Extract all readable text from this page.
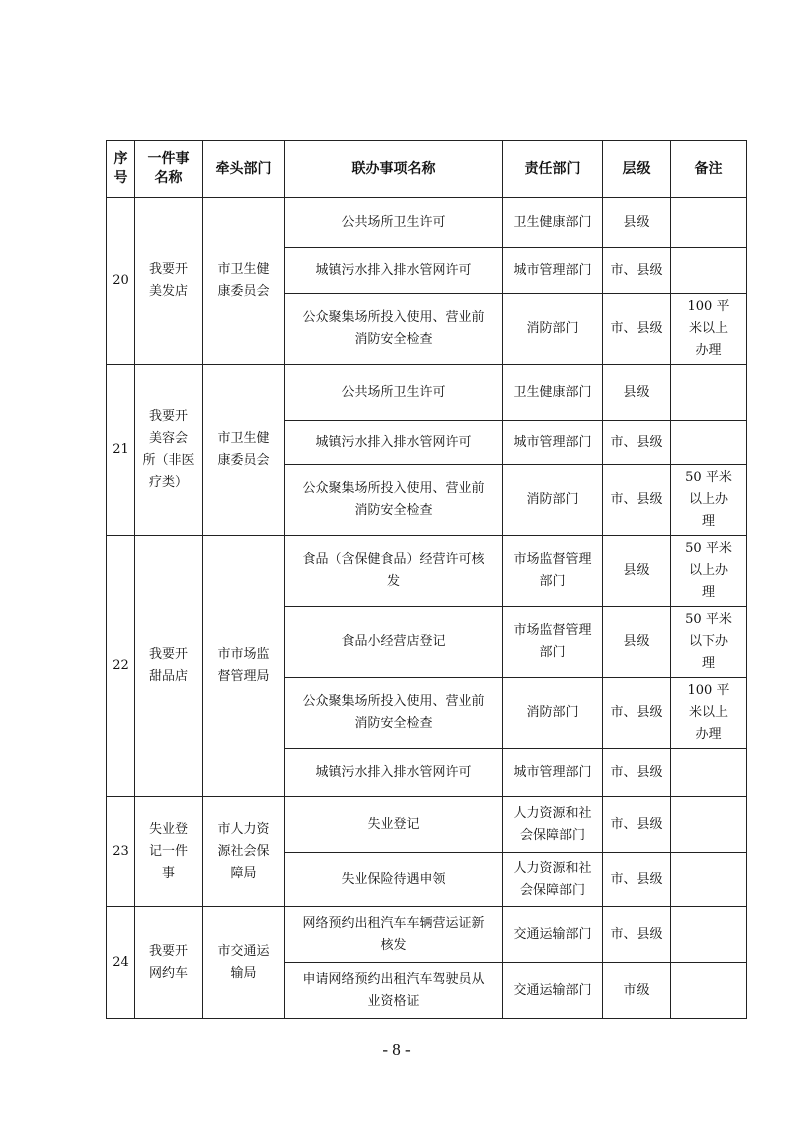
序
号	一件事
名称	牵头部门	联办事项名称	责任部门	层级	备注

20	我要开
美发店	市卫生健
康委员会	公共场所卫生许可	卫生健康部门	县级	

			城镇污水排入排水管网许可	城市管理部门	市、县级	

			公众聚集场所投入使用、营业前
消防安全检查	消防部门	市、县级	100 平
米以上
办理

21	我要开
美容会
所（非医
疗类）	市卫生健
康委员会	公共场所卫生许可	卫生健康部门	县级	

			城镇污水排入排水管网许可	城市管理部门	市、县级	

			公众聚集场所投入使用、营业前
消防安全检查	消防部门	市、县级	50 平米
以上办
理

22	我要开
甜品店	市市场监
督管理局	食品（含保健食品）经营许可核
发	市场监督管理
部门	县级	50 平米
以上办
理

			食品小经营店登记	市场监督管理
部门	县级	50 平米
以下办
理

			公众聚集场所投入使用、营业前
消防安全检查	消防部门	市、县级	100 平
米以上
办理

			城镇污水排入排水管网许可	城市管理部门	市、县级	

23	失业登
记一件
事	市人力资
源社会保
障局	失业登记	人力资源和社
会保障部门	市、县级	

			失业保险待遇申领	人力资源和社
会保障部门	市、县级	

24	我要开
网约车	市交通运
输局	网络预约出租汽车车辆营运证新
核发	交通运输部门	市、县级	

			申请网络预约出租汽车驾驶员从
业资格证	交通运输部门	市级	

- 8 -
